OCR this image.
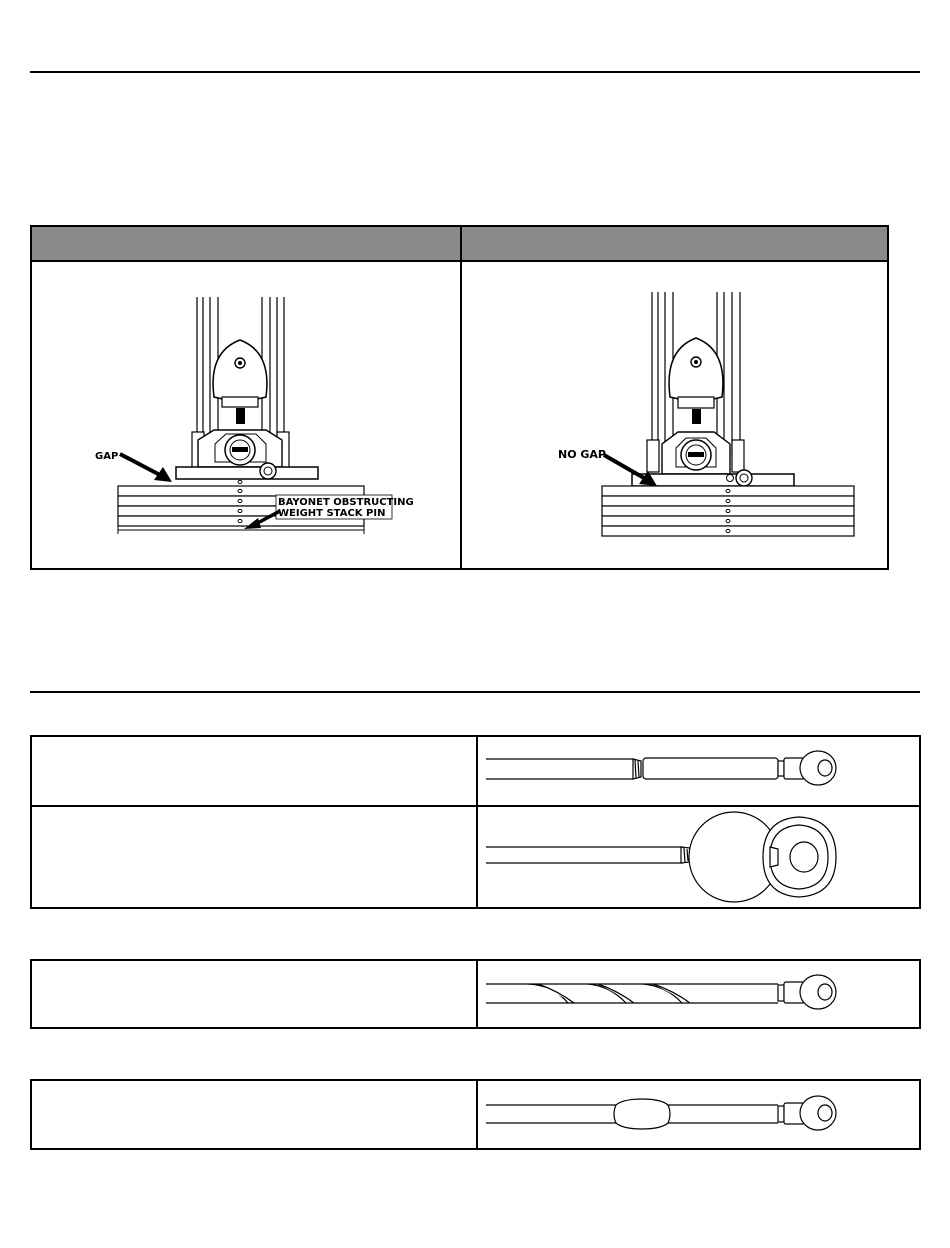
GAP
BAYONET OBSTRUCTING
WEIGHT STACK PIN
NO GAP
